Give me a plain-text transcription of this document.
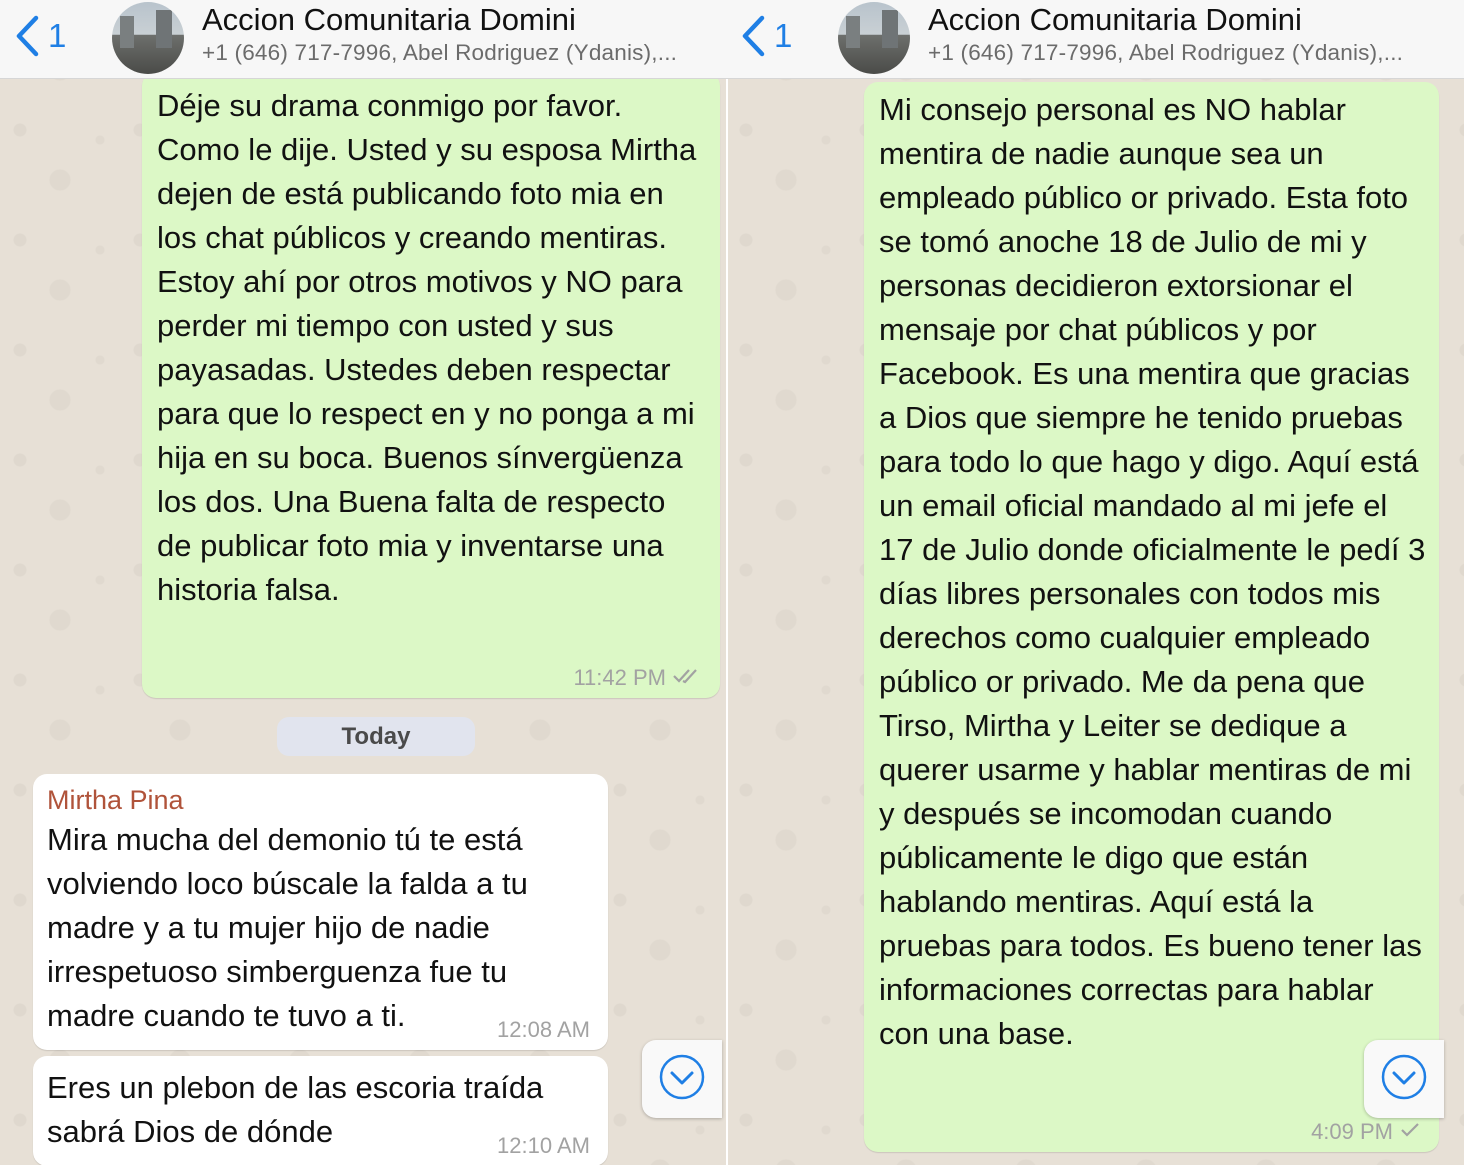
1	Accion Comunitaria Domini
+1 (646) 717-7996, Abel Rodriguez (Ydanis),...
Déje su drama conmigo por favor. Como le dije. Usted y su esposa Mirtha dejen de está publicando foto mia en los chat públicos y creando mentiras. Estoy ahí por otros motivos y NO para perder mi tiempo con usted y sus payasadas. Ustedes deben respectar para que lo respect en y no ponga a mi hija en su boca. Buenos sínvergüenza los dos. Una Buena falta de respecto de publicar foto mia y inventarse una historia falsa.
11:42 PM
Today
Mirtha Pina
Mira mucha del demonio tú te está volviendo loco búscale la falda a tu madre y a tu mujer hijo de nadie irrespetuoso simberguenza fue tu madre cuando te tuvo a ti.	12:08 AM
Eres un plebon de las escoria traída sabrá Dios de dónde	12:10 AM
1	Accion Comunitaria Domini
+1 (646) 717-7996, Abel Rodriguez (Ydanis),...
Mi consejo personal es NO hablar mentira de nadie aunque sea un empleado público or privado. Esta foto se tomó anoche 18 de Julio de mi y personas decidieron extorsionar el mensaje por chat públicos y por Facebook. Es una mentira que gracias a Dios que siempre he tenido pruebas para todo lo que hago y digo. Aquí está un email oficial mandado al mi jefe el 17 de Julio donde oficialmente le pedí 3 días libres personales con todos mis derechos como cualquier empleado público or privado. Me da pena que Tirso, Mirtha y Leiter se dedique a querer usarme y hablar mentiras de mi y después se incomodan cuando públicamente le digo que están hablando mentiras. Aquí está la pruebas para todos. Es bueno tener las informaciones correctas para hablar con una base.
4:09 PM
